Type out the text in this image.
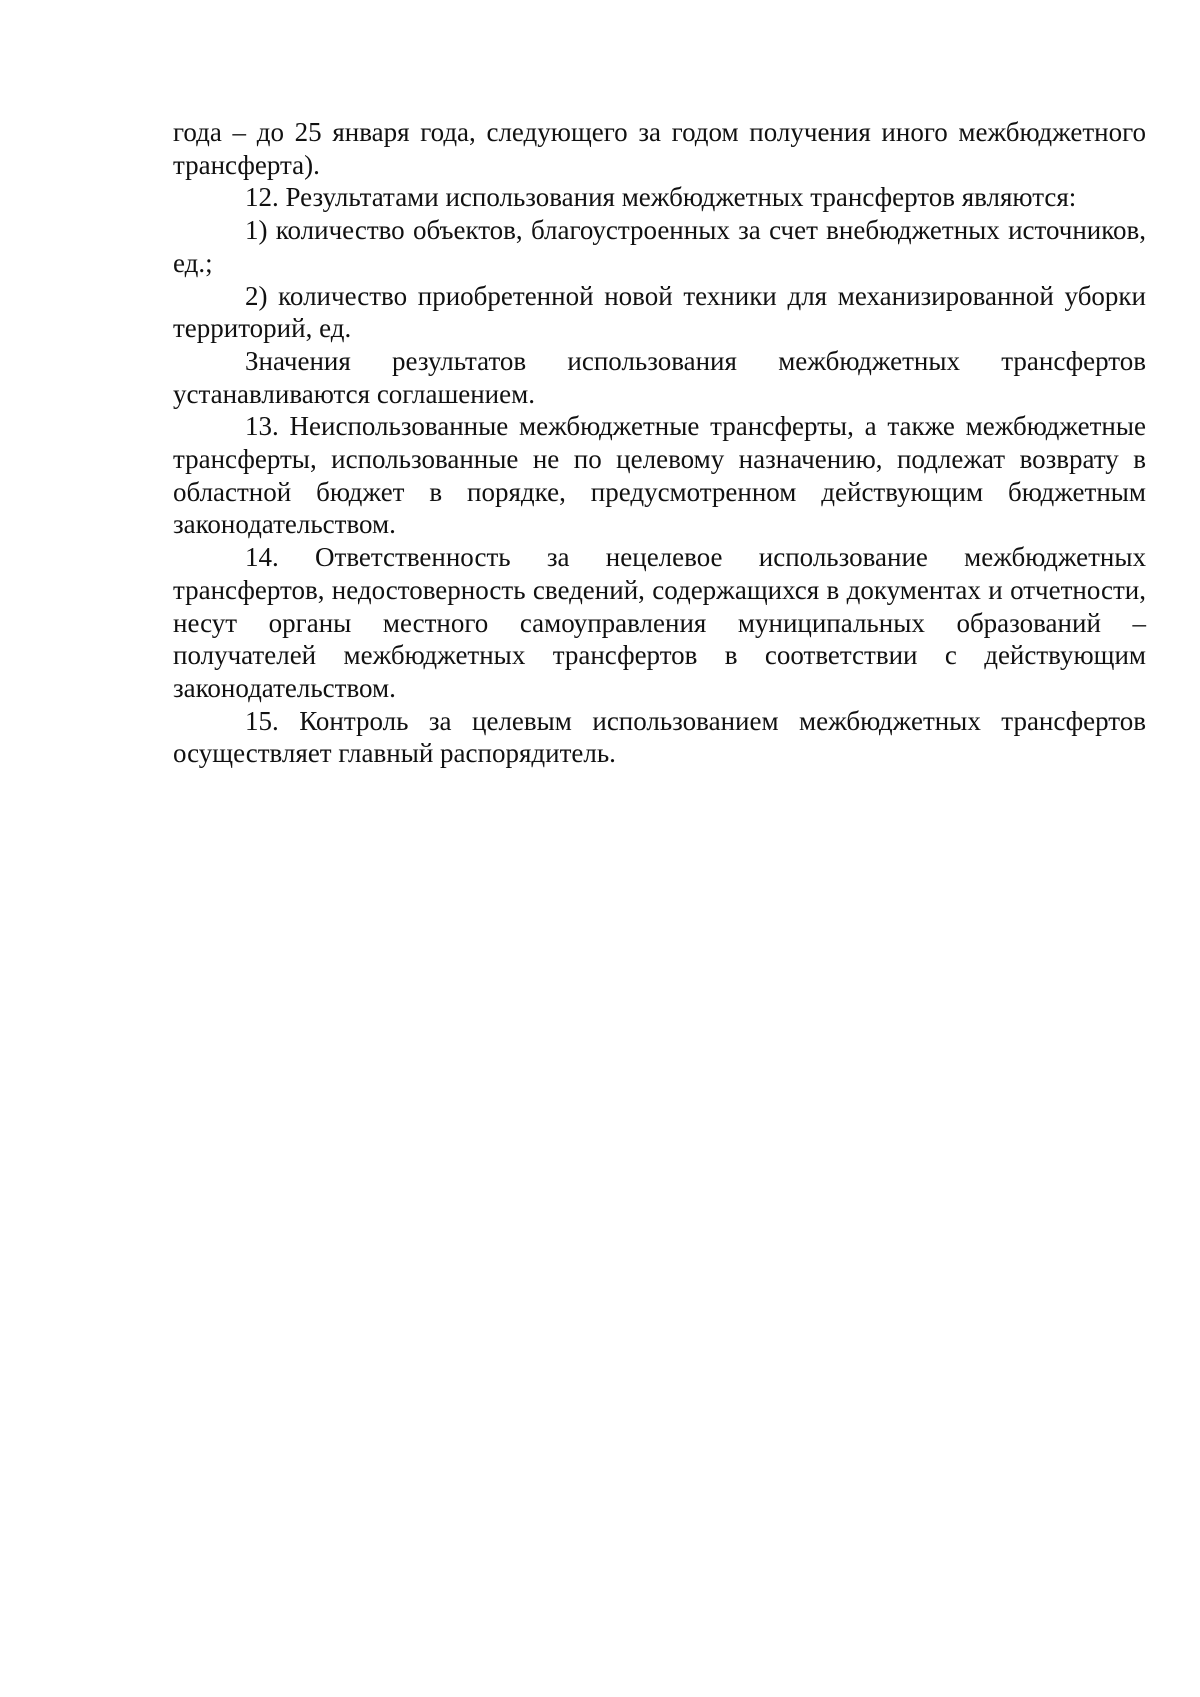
года – до 25 января года, следующего за годом получения иного межбюджетного трансферта).

12. Результатами использования межбюджетных трансфертов являются:

1) количество объектов, благоустроенных за счет внебюджетных источников, ед.;

2) количество приобретенной новой техники для механизированной уборки территорий, ед.

Значения результатов использования межбюджетных трансфертов устанавливаются соглашением.

13. Неиспользованные межбюджетные трансферты, а также межбюджетные трансферты, использованные не по целевому назначению, подлежат возврату в областной бюджет в порядке, предусмотренном действующим бюджетным законодательством.

14. Ответственность за нецелевое использование межбюджетных трансфертов, недостоверность сведений, содержащихся в документах и отчетности, несут органы местного самоуправления муниципальных образований – получателей межбюджетных трансфертов в соответствии с действующим законодательством.

15. Контроль за целевым использованием межбюджетных трансфертов осуществляет главный распорядитель.
